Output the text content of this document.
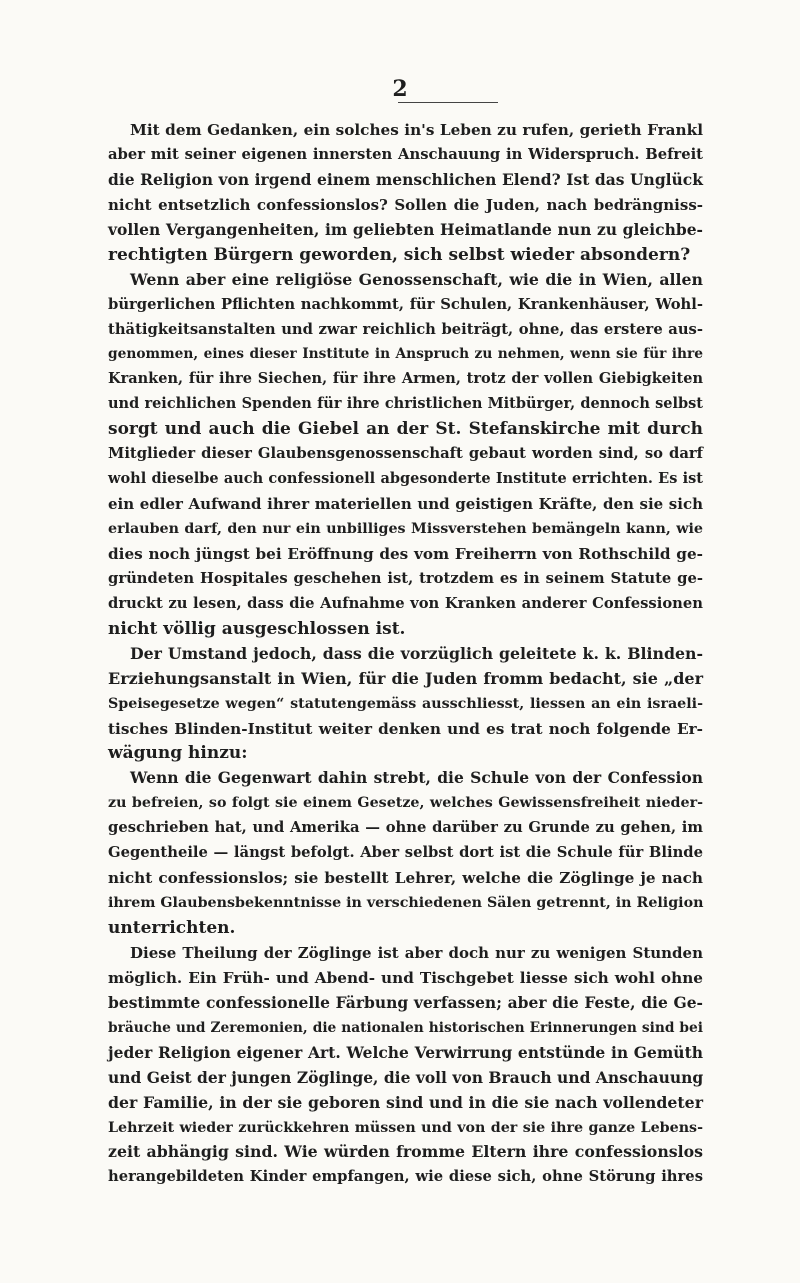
2
Mit dem Gedanken, ein solches in's Leben zu rufen, gerieth Frankl
aber mit seiner eigenen innersten Anschauung in Widerspruch. Befreit
die Religion von irgend einem menschlichen Elend? Ist das Unglück
nicht entsetzlich confessionslos? Sollen die Juden, nach bedrängniss-
vollen Vergangenheiten, im geliebten Heimatlande nun zu gleichbe-
rechtigten Bürgern geworden, sich selbst wieder absondern?
Wenn aber eine religiöse Genossenschaft, wie die in Wien, allen
bürgerlichen Pflichten nachkommt, für Schulen, Krankenhäuser, Wohl-
thätigkeitsanstalten und zwar reichlich beiträgt, ohne, das erstere aus-
genommen, eines dieser Institute in Anspruch zu nehmen, wenn sie für ihre
Kranken, für ihre Siechen, für ihre Armen, trotz der vollen Giebigkeiten
und reichlichen Spenden für ihre christlichen Mitbürger, dennoch selbst
sorgt und auch die Giebel an der St. Stefanskirche mit durch
Mitglieder dieser Glaubensgenossenschaft gebaut worden sind, so darf
wohl dieselbe auch confessionell abgesonderte Institute errichten. Es ist
ein edler Aufwand ihrer materiellen und geistigen Kräfte, den sie sich
erlauben darf, den nur ein unbilliges Missverstehen bemängeln kann, wie
dies noch jüngst bei Eröffnung des vom Freiherrn von Rothschild ge-
gründeten Hospitales geschehen ist, trotzdem es in seinem Statute ge-
druckt zu lesen, dass die Aufnahme von Kranken anderer Confessionen
nicht völlig ausgeschlossen ist.
Der Umstand jedoch, dass die vorzüglich geleitete k. k. Blinden-
Erziehungsanstalt in Wien, für die Juden fromm bedacht, sie „der
Speisegesetze wegen“ statutengemäss ausschliesst, liessen an ein israeli-
tisches Blinden-Institut weiter denken und es trat noch folgende Er-
wägung hinzu:
Wenn die Gegenwart dahin strebt, die Schule von der Confession
zu befreien, so folgt sie einem Gesetze, welches Gewissensfreiheit nieder-
geschrieben hat, und Amerika — ohne darüber zu Grunde zu gehen, im
Gegentheile — längst befolgt. Aber selbst dort ist die Schule für Blinde
nicht confessionslos; sie bestellt Lehrer, welche die Zöglinge je nach
ihrem Glaubensbekenntnisse in verschiedenen Sälen getrennt, in Religion
unterrichten.
Diese Theilung der Zöglinge ist aber doch nur zu wenigen Stunden
möglich. Ein Früh- und Abend- und Tischgebet liesse sich wohl ohne
bestimmte confessionelle Färbung verfassen; aber die Feste, die Ge-
bräuche und Zeremonien, die nationalen historischen Erinnerungen sind bei
jeder Religion eigener Art. Welche Verwirrung entstünde in Gemüth
und Geist der jungen Zöglinge, die voll von Brauch und Anschauung
der Familie, in der sie geboren sind und in die sie nach vollendeter
Lehrzeit wieder zurückkehren müssen und von der sie ihre ganze Lebens-
zeit abhängig sind. Wie würden fromme Eltern ihre confessionslos
herangebildeten Kinder empfangen, wie diese sich, ohne Störung ihres
